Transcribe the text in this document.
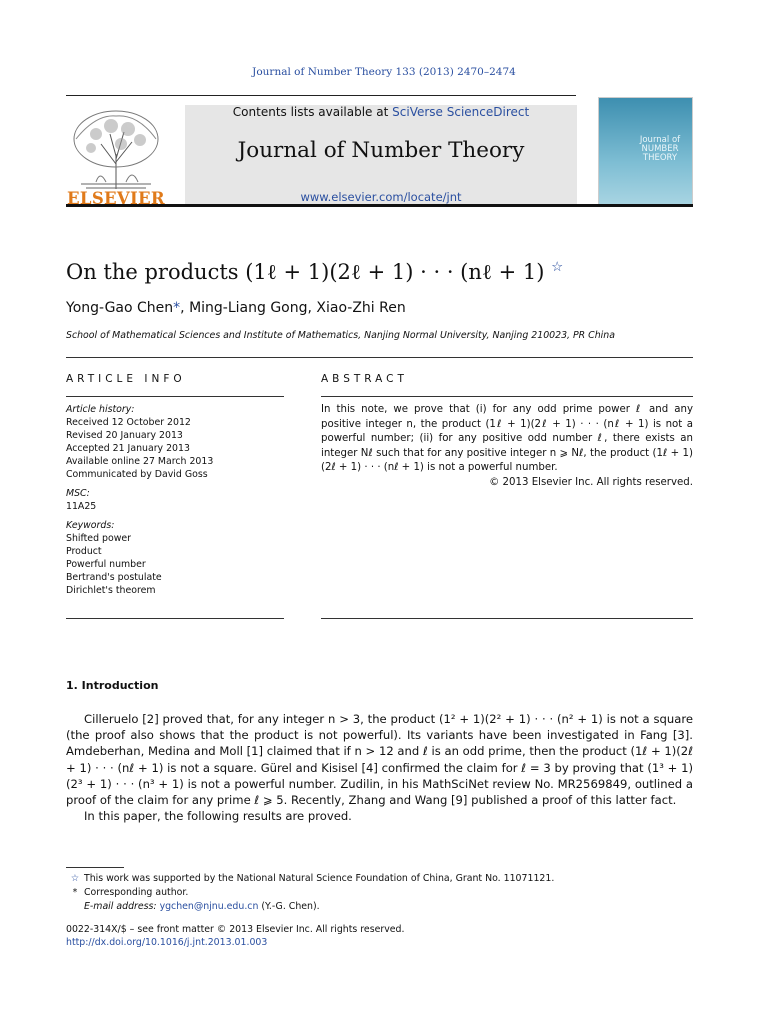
Journal of Number Theory 133 (2013) 2470–2474
Contents lists available at SciVerse ScienceDirect
Journal of Number Theory
www.elsevier.com/locate/jnt
ELSEVIER
Journal of NUMBER THEORY
On the products (1ℓ + 1)(2ℓ + 1) · · · (nℓ + 1) ☆
Yong-Gao Chen*, Ming-Liang Gong, Xiao-Zhi Ren
School of Mathematical Sciences and Institute of Mathematics, Nanjing Normal University, Nanjing 210023, PR China
ARTICLE INFO	ABSTRACT
Article history:
Received 12 October 2012
Revised 20 January 2013
Accepted 21 January 2013
Available online 27 March 2013
Communicated by David Goss
MSC:
11A25
Keywords:
Shifted power
Product
Powerful number
Bertrand's postulate
Dirichlet's theorem
In this note, we prove that (i) for any odd prime power ℓ and any positive integer n, the product (1ℓ + 1)(2ℓ + 1) · · · (nℓ + 1) is not a powerful number; (ii) for any positive odd number ℓ, there exists an integer Nℓ such that for any positive integer n ⩾ Nℓ, the product (1ℓ + 1)(2ℓ + 1) · · · (nℓ + 1) is not a powerful number.
© 2013 Elsevier Inc. All rights reserved.
1. Introduction

Cilleruelo [2] proved that, for any integer n > 3, the product (1² + 1)(2² + 1) · · · (n² + 1) is not a square (the proof also shows that the product is not powerful). Its variants have been investigated in Fang [3]. Amdeberhan, Medina and Moll [1] claimed that if n > 12 and ℓ is an odd prime, then the product (1ℓ + 1)(2ℓ + 1) · · · (nℓ + 1) is not a square. Gürel and Kisisel [4] confirmed the claim for ℓ = 3 by proving that (1³ + 1)(2³ + 1) · · · (n³ + 1) is not a powerful number. Zudilin, in his MathSciNet review No. MR2569849, outlined a proof of the claim for any prime ℓ ⩾ 5. Recently, Zhang and Wang [9] published a proof of this latter fact.

In this paper, the following results are proved.

☆ This work was supported by the National Natural Science Foundation of China, Grant No. 11071121.
* Corresponding author.
E-mail address: ygchen@njnu.edu.cn (Y.-G. Chen).
0022-314X/$ – see front matter © 2013 Elsevier Inc. All rights reserved.
http://dx.doi.org/10.1016/j.jnt.2013.01.003
